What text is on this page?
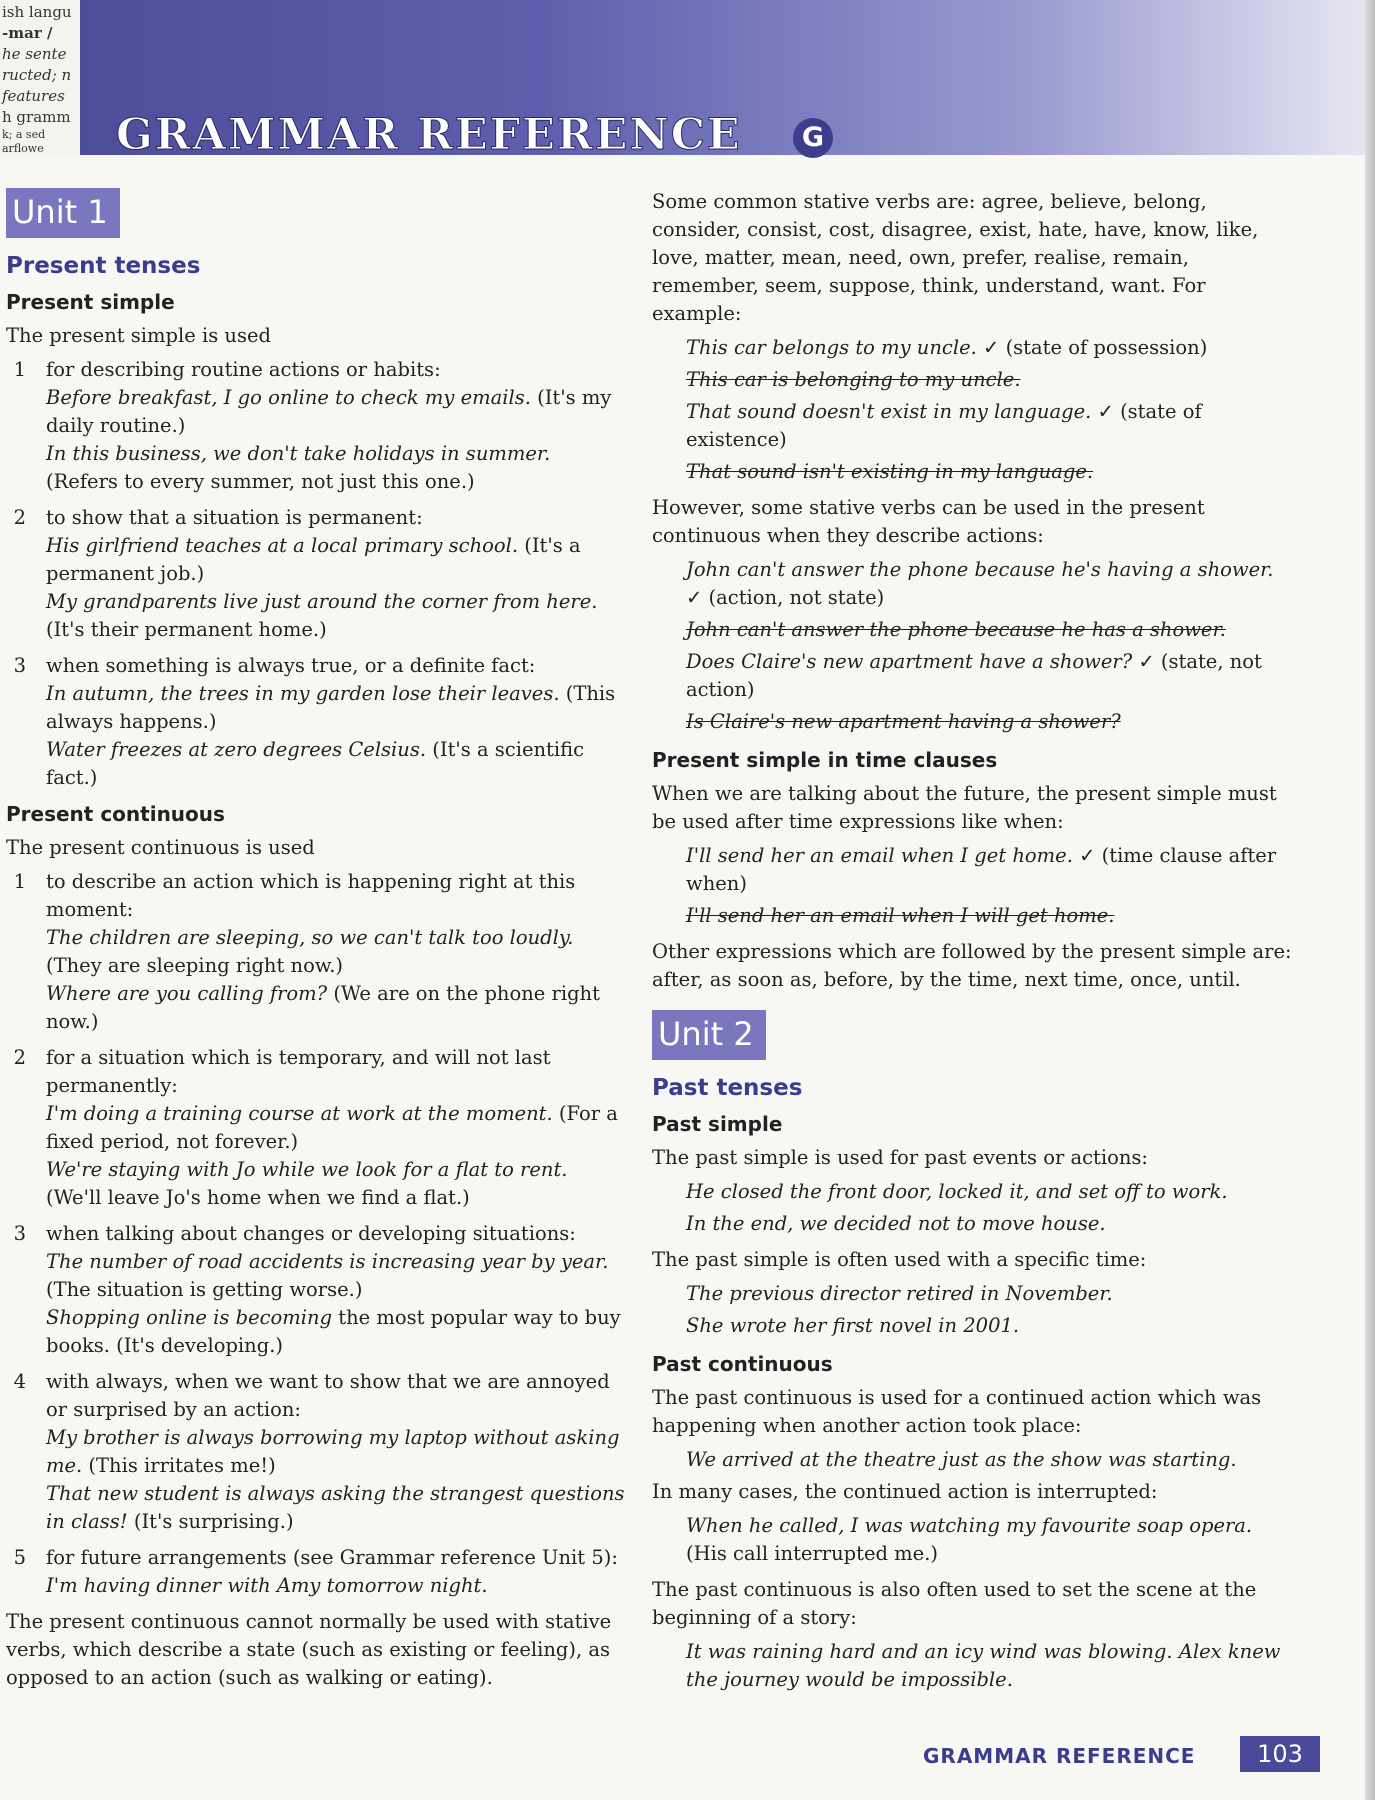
ish langu
-mar /
he sente
ructed; n
features
h gramm
k; a sed
arflowe	GRAMMAR REFERENCE	G
Unit 1
Present tenses
Present simple

The present simple is used

1	for describing routine actions or habits:
Before breakfast, I go online to check my emails. (It's my daily routine.)
In this business, we don't take holidays in summer. (Refers to every summer, not just this one.)
2	to show that a situation is permanent:
His girlfriend teaches at a local primary school. (It's a permanent job.)
My grandparents live just around the corner from here. (It's their permanent home.)
3	when something is always true, or a definite fact:
In autumn, the trees in my garden lose their leaves. (This always happens.)
Water freezes at zero degrees Celsius. (It's a scientific fact.)
Present continuous

The present continuous is used

1	to describe an action which is happening right at this moment:
The children are sleeping, so we can't talk too loudly. (They are sleeping right now.)
Where are you calling from? (We are on the phone right now.)
2	for a situation which is temporary, and will not last permanently:
I'm doing a training course at work at the moment. (For a fixed period, not forever.)
We're staying with Jo while we look for a flat to rent. (We'll leave Jo's home when we find a flat.)
3	when talking about changes or developing situations:
The number of road accidents is increasing year by year. (The situation is getting worse.)
Shopping online is becoming the most popular way to buy books. (It's developing.)
4	with always, when we want to show that we are annoyed or surprised by an action:
My brother is always borrowing my laptop without asking me. (This irritates me!)
That new student is always asking the strangest questions in class! (It's surprising.)
5	for future arrangements (see Grammar reference Unit 5):
I'm having dinner with Amy tomorrow night.

The present continuous cannot normally be used with stative verbs, which describe a state (such as existing or feeling), as opposed to an action (such as walking or eating).

Some common stative verbs are: agree, believe, belong, consider, consist, cost, disagree, exist, hate, have, know, like, love, matter, mean, need, own, prefer, realise, remain, remember, seem, suppose, think, understand, want. For example:

This car belongs to my uncle. ✓ (state of possession)
This car is belonging to my uncle.
That sound doesn't exist in my language. ✓ (state of existence)
That sound isn't existing in my language.

However, some stative verbs can be used in the present continuous when they describe actions:

John can't answer the phone because he's having a shower. ✓ (action, not state)
John can't answer the phone because he has a shower.
Does Claire's new apartment have a shower? ✓ (state, not action)
Is Claire's new apartment having a shower?
Present simple in time clauses

When we are talking about the future, the present simple must be used after time expressions like when:

I'll send her an email when I get home. ✓ (time clause after when)
I'll send her an email when I will get home.

Other expressions which are followed by the present simple are: after, as soon as, before, by the time, next time, once, until.

Unit 2
Past tenses
Past simple

The past simple is used for past events or actions:

He closed the front door, locked it, and set off to work.
In the end, we decided not to move house.

The past simple is often used with a specific time:

The previous director retired in November.
She wrote her first novel in 2001.
Past continuous

The past continuous is used for a continued action which was happening when another action took place:

We arrived at the theatre just as the show was starting.

In many cases, the continued action is interrupted:

When he called, I was watching my favourite soap opera. (His call interrupted me.)

The past continuous is also often used to set the scene at the beginning of a story:

It was raining hard and an icy wind was blowing. Alex knew the journey would be impossible.
GRAMMAR REFERENCE	103
